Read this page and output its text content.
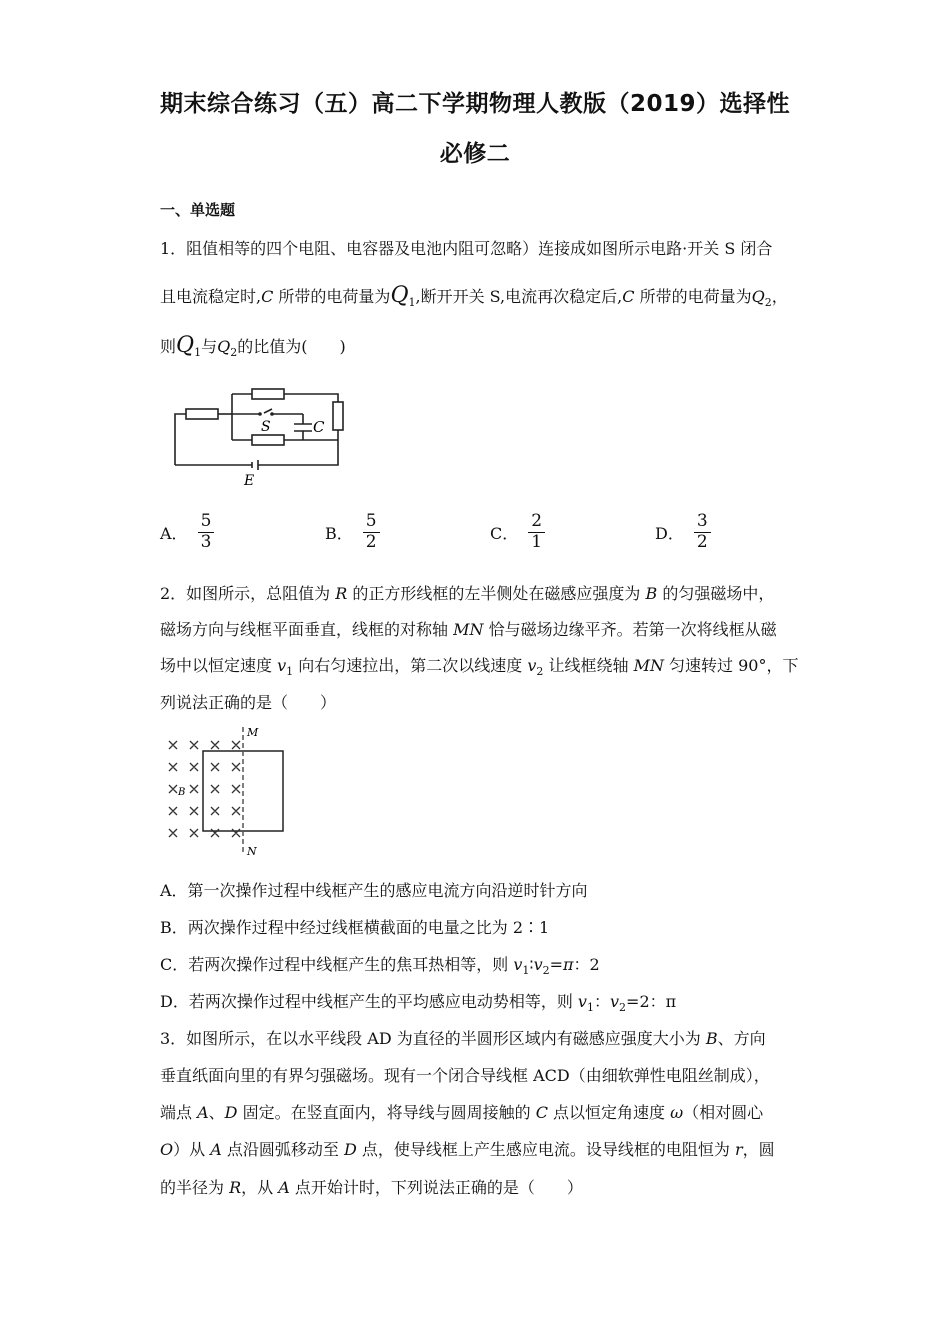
期末综合练习（五）高二下学期物理人教版（2019）选择性
必修二
一、单选题
1．阻值相等的四个电阻、电容器及电池内阻可忽略）连接成如图所示电路·开关 S 闭合
且电流稳定时,C 所带的电荷量为$Q_1$,断开开关 S,电流再次稳定后,C 所带的电荷量为$Q_2$，
则$Q_1$与$Q_2$的比值为(　　)
S	C
E
A． $\frac{5}{3}$	B． $\frac{5}{2}$	C． $\frac{2}{1}$	D． $\frac{3}{2}$
2．如图所示，总阻值为 R 的正方形线框的左半侧处在磁感应强度为 B 的匀强磁场中，
磁场方向与线框平面垂直，线框的对称轴 MN 恰与磁场边缘平齐。若第一次将线框从磁
场中以恒定速度 $v_1$ 向右匀速拉出，第二次以线速度 $v_2$ 让线框绕轴 MN 匀速转过 90°，下
列说法正确的是（　　）
M
N
B
A．第一次操作过程中线框产生的感应电流方向沿逆时针方向
B．两次操作过程中经过线框横截面的电量之比为 2∶1
C．若两次操作过程中线框产生的焦耳热相等，则 $v_1∶v_2=\pi$：2
D．若两次操作过程中线框产生的平均感应电动势相等，则 $v_1$：$v_2=2$：π
3．如图所示，在以水平线段 AD 为直径的半圆形区域内有磁感应强度大小为 B、方向
垂直纸面向里的有界匀强磁场。现有一个闭合导线框 ACD（由细软弹性电阻丝制成），
端点 A、D 固定。在竖直面内，将导线与圆周接触的 C 点以恒定角速度 ω（相对圆心
O）从 A 点沿圆弧移动至 D 点，使导线框上产生感应电流。设导线框的电阻恒为 r，圆
的半径为 R，从 A 点开始计时，下列说法正确的是（　　）
